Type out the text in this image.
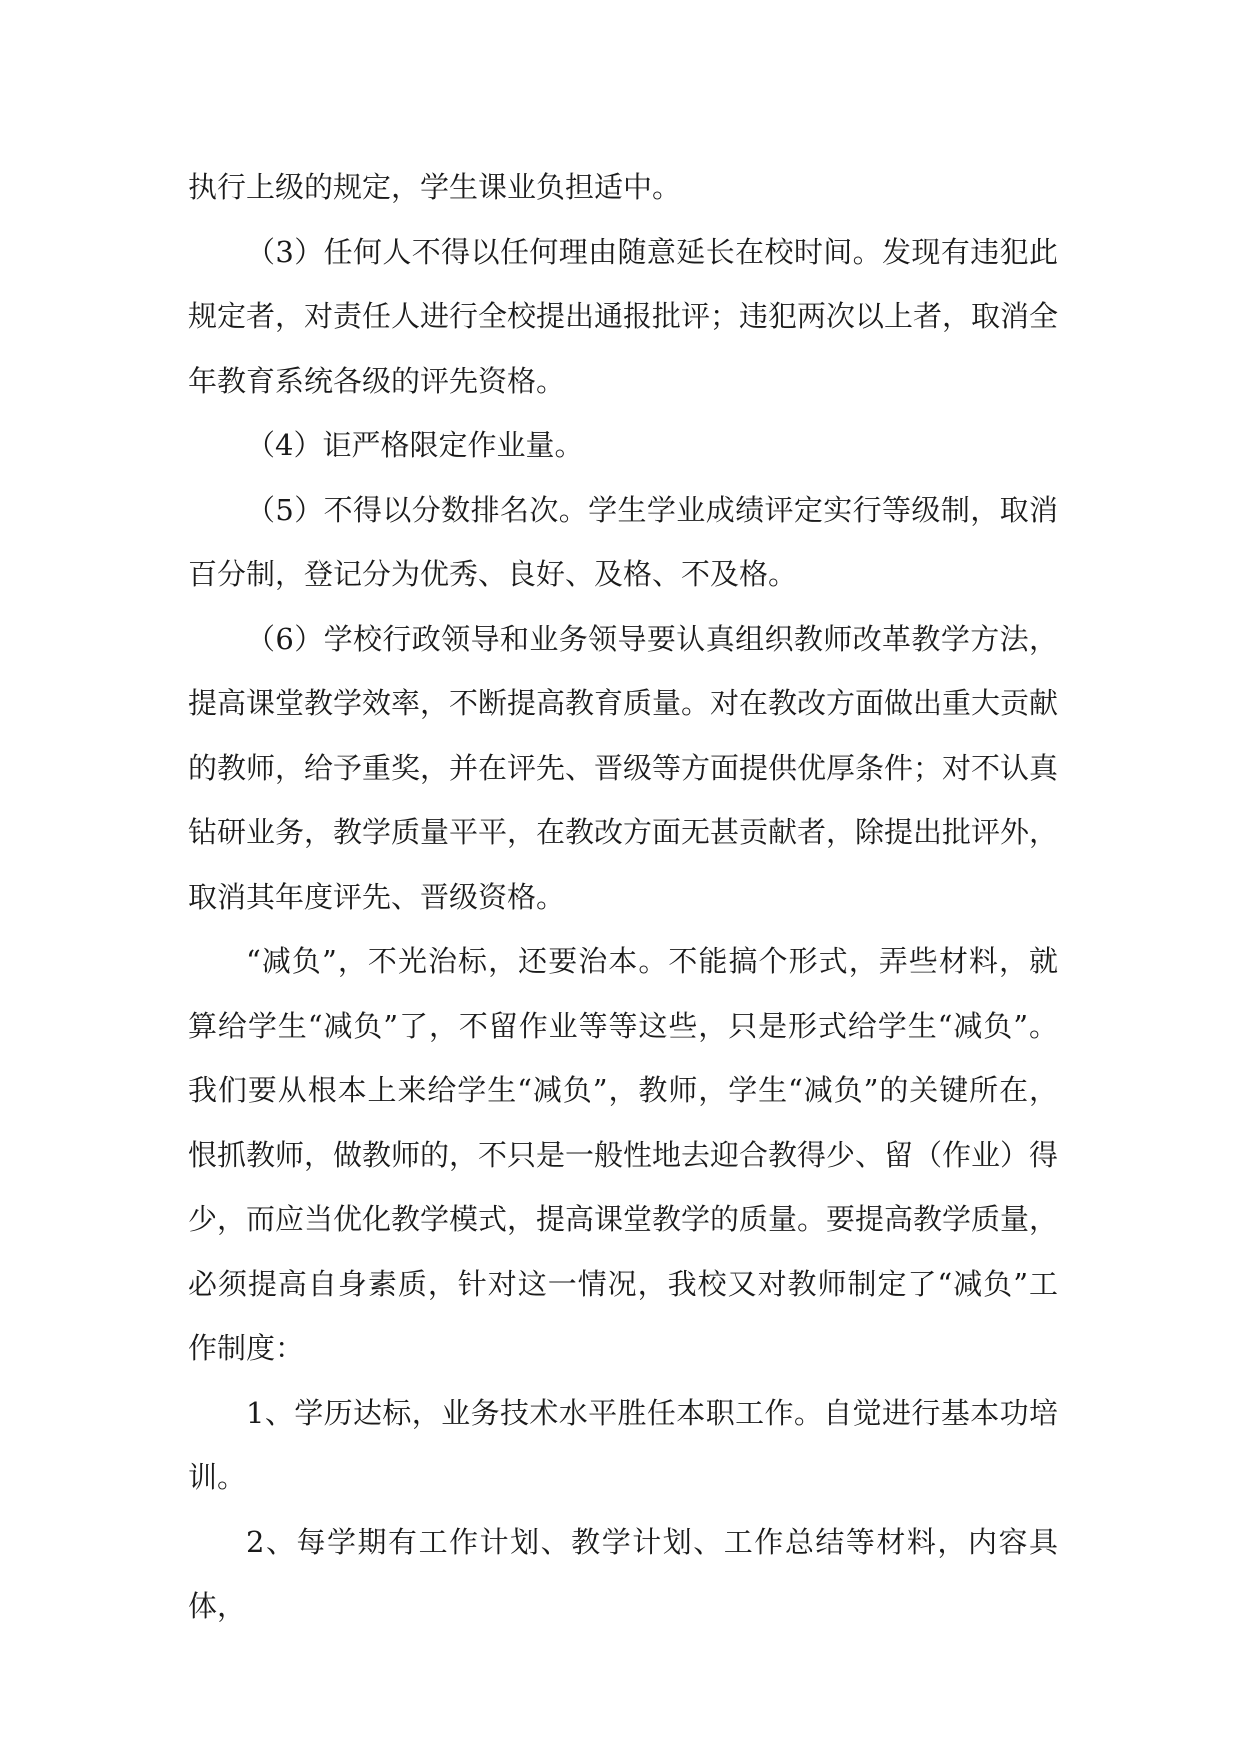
执行上级的规定，学生课业负担适中。

（3）任何人不得以任何理由随意延长在校时间。发现有违犯此规定者，对责任人进行全校提出通报批评；违犯两次以上者，取消全年教育系统各级的评先资格。

（4）讵严格限定作业量。

（5）不得以分数排名次。学生学业成绩评定实行等级制，取消百分制，登记分为优秀、良好、及格、不及格。

（6）学校行政领导和业务领导要认真组织教师改革教学方法，提高课堂教学效率，不断提高教育质量。对在教改方面做出重大贡献的教师，给予重奖，并在评先、晋级等方面提供优厚条件；对不认真钻研业务，教学质量平平，在教改方面无甚贡献者，除提出批评外，取消其年度评先、晋级资格。

“减负”，不光治标，还要治本。不能搞个形式，弄些材料，就算给学生“减负”了，不留作业等等这些，只是形式给学生“减负”。我们要从根本上来给学生“减负”，教师，学生“减负”的关键所在，恨抓教师，做教师的，不只是一般性地去迎合教得少、留（作业）得少，而应当优化教学模式，提高课堂教学的质量。要提高教学质量，必须提高自身素质，针对这一情况，我校又对教师制定了“减负”工作制度：

1、学历达标，业务技术水平胜任本职工作。自觉进行基本功培训。

2、每学期有工作计划、教学计划、工作总结等材料，内容具体，
